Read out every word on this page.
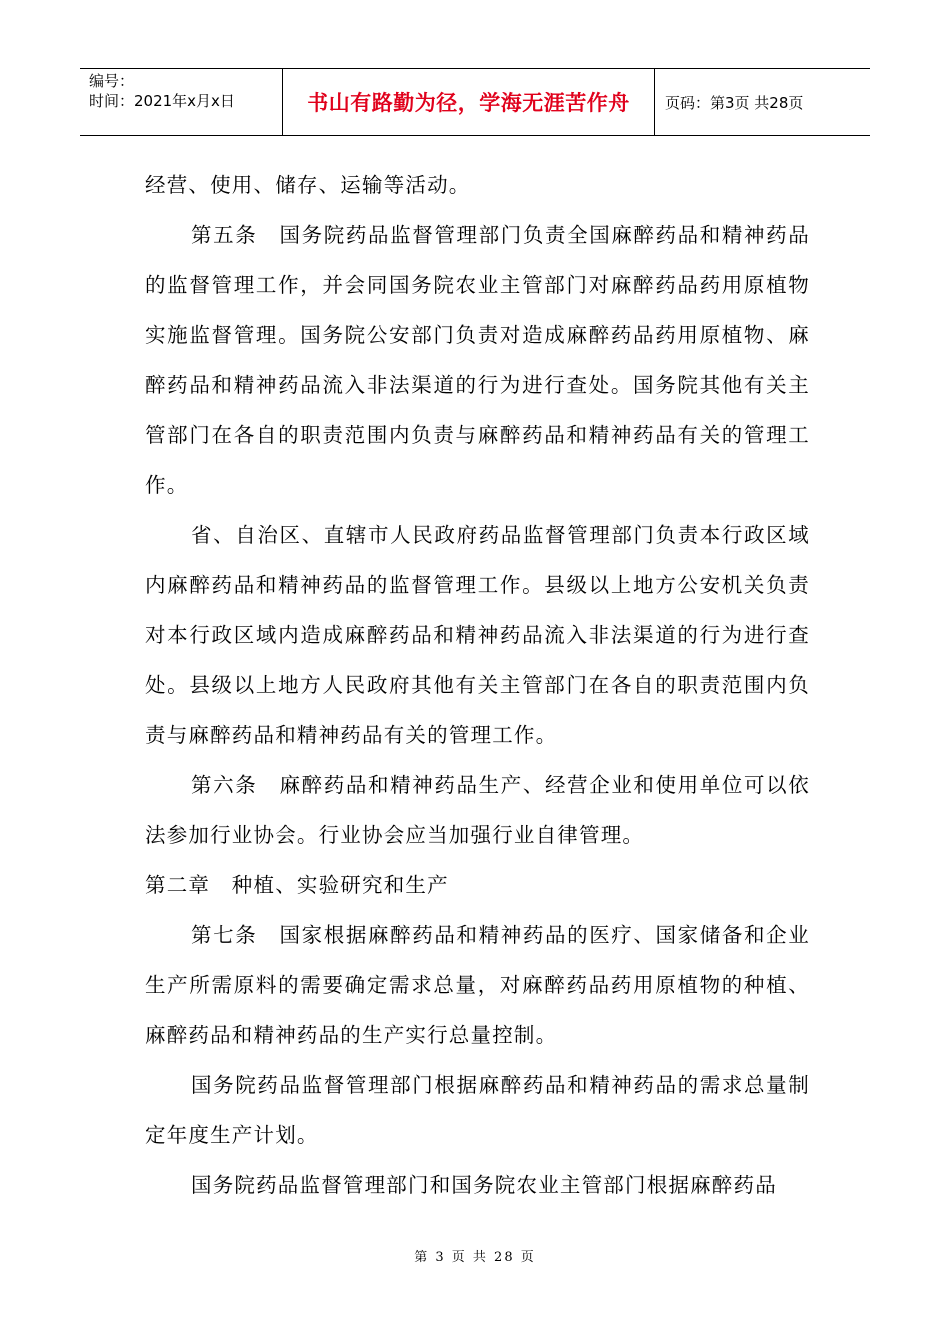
编号：
时间：2021年x月x日	书山有路勤为径，学海无涯苦作舟	页码：第3页 共28页

经营、使用、储存、运输等活动。

第五条　国务院药品监督管理部门负责全国麻醉药品和精神药品的监督管理工作，并会同国务院农业主管部门对麻醉药品药用原植物实施监督管理。国务院公安部门负责对造成麻醉药品药用原植物、麻醉药品和精神药品流入非法渠道的行为进行查处。国务院其他有关主管部门在各自的职责范围内负责与麻醉药品和精神药品有关的管理工作。

省、自治区、直辖市人民政府药品监督管理部门负责本行政区域内麻醉药品和精神药品的监督管理工作。县级以上地方公安机关负责对本行政区域内造成麻醉药品和精神药品流入非法渠道的行为进行查处。县级以上地方人民政府其他有关主管部门在各自的职责范围内负责与麻醉药品和精神药品有关的管理工作。

第六条　麻醉药品和精神药品生产、经营企业和使用单位可以依法参加行业协会。行业协会应当加强行业自律管理。

第二章　种植、实验研究和生产

第七条　国家根据麻醉药品和精神药品的医疗、国家储备和企业生产所需原料的需要确定需求总量，对麻醉药品药用原植物的种植、麻醉药品和精神药品的生产实行总量控制。

国务院药品监督管理部门根据麻醉药品和精神药品的需求总量制定年度生产计划。

国务院药品监督管理部门和国务院农业主管部门根据麻醉药品

第 3 页 共 28 页
